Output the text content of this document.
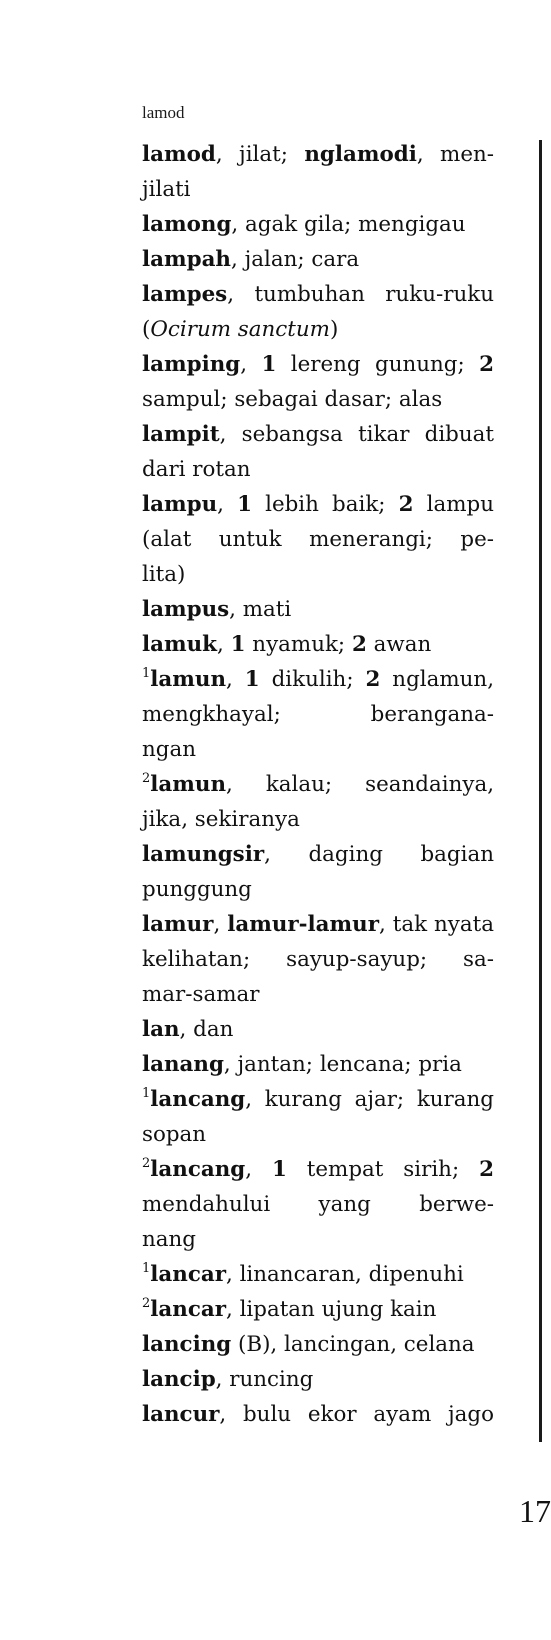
lamod
lamod, jilat; nglamodi, men-
jilati
lamong, agak gila; mengigau
lampah, jalan; cara
lampes, tumbuhan ruku-ruku
(Ocirum sanctum)
lamping, 1 lereng gunung; 2
sampul; sebagai dasar; alas
lampit, sebangsa tikar dibuat
dari rotan
lampu, 1 lebih baik; 2 lampu
(alat untuk menerangi; pe-
lita)
lampus, mati
lamuk, 1 nyamuk; 2 awan
$^1$lamun, 1 dikulih; 2 nglamun,
mengkhayal; berangana-
ngan
$^2$lamun, kalau; seandainya,
jika, sekiranya
lamungsir, daging bagian
punggung
lamur, lamur-lamur, tak nyata
kelihatan; sayup-sayup; sa-
mar-samar
lan, dan
lanang, jantan; lencana; pria
$^1$lancang, kurang ajar; kurang
sopan
$^2$lancang, 1 tempat sirih; 2
mendahului yang berwe-
nang
$^1$lancar, linancaran, dipenuhi
$^2$lancar, lipatan ujung kain
lancing (B), lancingan, celana
lancip, runcing
lancur, bulu ekor ayam jago
17
